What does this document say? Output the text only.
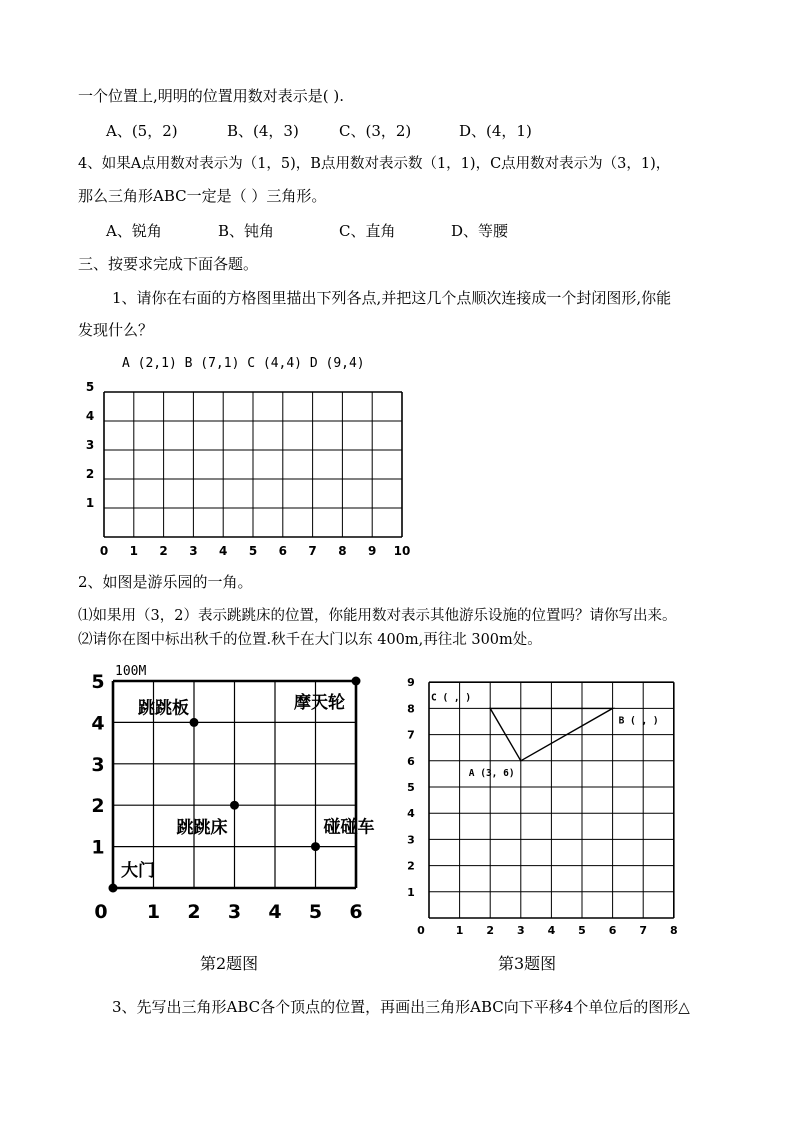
一个位置上,明明的位置用数对表示是( ).
A、(5，2)	B、(4，3)	C、(3，2)	D、(4，1)
4、如果A点用数对表示为（1，5)，B点用数对表示数（1，1)，C点用数对表示为（3，1)，
那么三角形ABC一定是（ ）三角形。
A、锐角	B、钝角	C、直角	D、等腰
三、按要求完成下面各题。
1、请你在右面的方格图里描出下列各点,并把这几个点顺次连接成一个封闭图形,你能
发现什么？
A (2,1) B (7,1) C (4,4) D (9,4)
0 1 2 3 4 5 6 7 8 9 10
1
2
3
4
5
2、如图是游乐园的一角。
⑴如果用（3，2）表示跳跳床的位置，你能用数对表示其他游乐设施的位置吗？请你写出来。
⑵请你在图中标出秋千的位置.秋千在大门以东 400m,再往北 300m处。
0 1 2 3 4 5 6
1
2
3
4
5 100M
跳跳板	摩天轮
跳跳床	碰碰车
大门
0	1 2 3 4 5 6 7 8
1
2
3
4
5
6
7
8
9
A (3, 6)
B ( , )
C ( , )
第2题图	第3题图
3、先写出三角形ABC各个顶点的位置，再画出三角形ABC向下平移4个单位后的图形△
